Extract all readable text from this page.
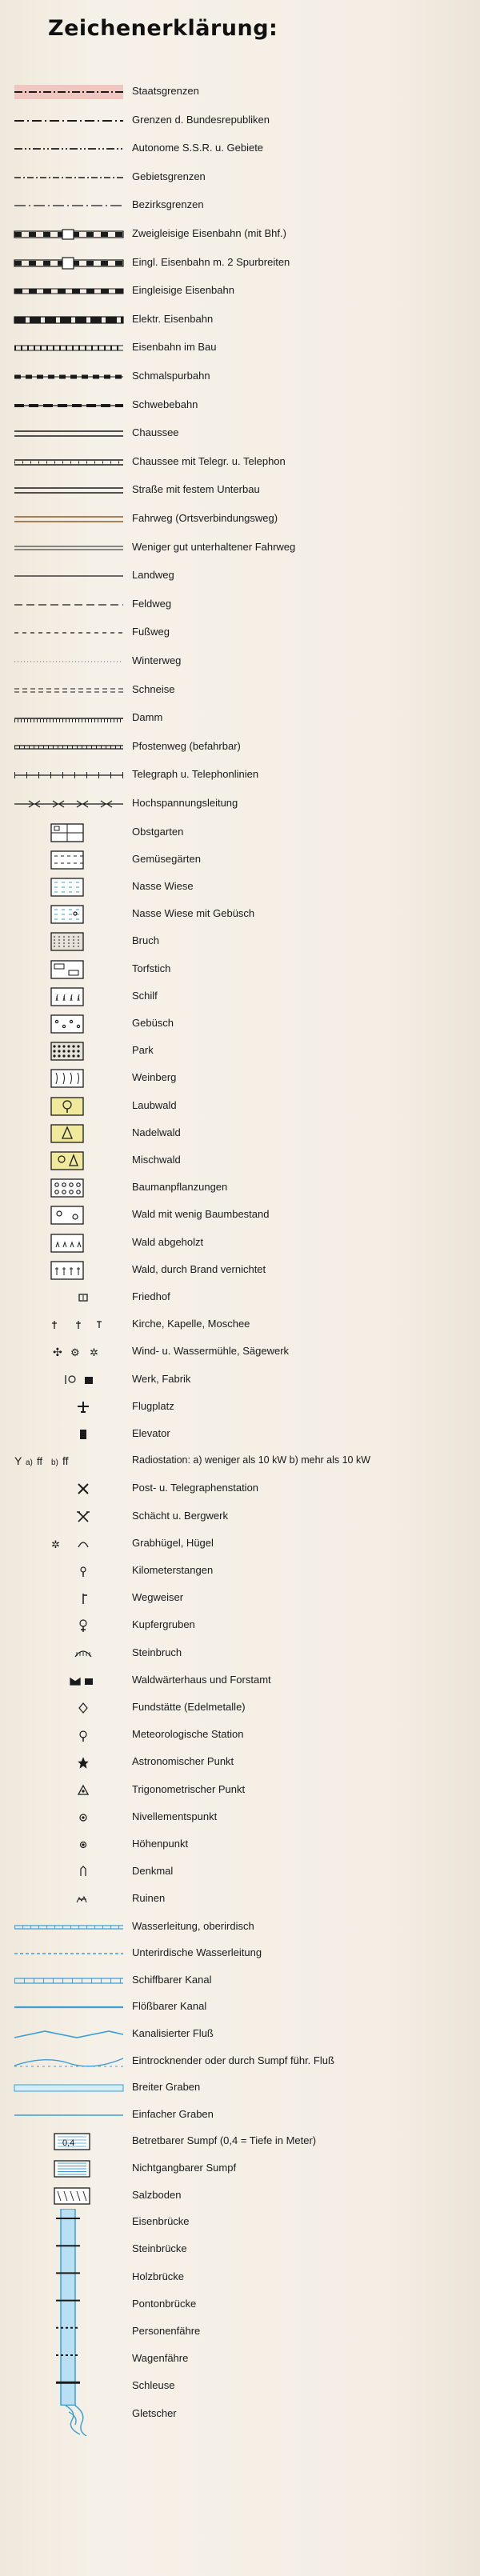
Zeichenerklärung:
Staatsgrenzen
Grenzen d. Bundesrepubliken
Autonome S.S.R. u. Gebiete
Gebietsgrenzen
Bezirksgrenzen
Zweigleisige Eisenbahn (mit Bhf.)
Eingl. Eisenbahn m. 2 Spurbreiten
Eingleisige Eisenbahn
Elektr. Eisenbahn
Eisenbahn im Bau
Schmalspurbahn
Schwebebahn
Chaussee
Chaussee mit Telegr. u. Telephon
Straße mit festem Unterbau
Fahrweg (Ortsverbindungsweg)
Weniger gut unterhaltener Fahrweg
Landweg
Feldweg
Fußweg
Winterweg
Schneise
Damm
Pfostenweg (befahrbar)
Telegraph u. Telephonlinien
Hochspannungsleitung
Obstgarten
Gemüsegärten
Nasse Wiese
Nasse Wiese mit Gebüsch
Bruch
Torfstich
Schilf
Gebüsch
Park
Weinberg
Laubwald
Nadelwald
Mischwald
Baumanpflanzungen
Wald mit wenig Baumbestand
Wald abgeholzt
Wald, durch Brand vernichtet
Friedhof
Kirche, Kapelle, Moschee
✣ ⚙ ✲	Wind- u. Wassermühle, Sägewerk
Werk, Fabrik
Flugplatz
Elevator
Y a) ff b) ff	Radiostation: a) weniger als 10 kW b) mehr als 10 kW
Post- u. Telegraphenstation
Schächt u. Bergwerk
✲	Grabhügel, Hügel
Kilometerstangen
Wegweiser
Kupfergruben
Steinbruch
Waldwärterhaus und Forstamt
Fundstätte (Edelmetalle)
Meteorologische Station
Astronomischer Punkt
Trigonometrischer Punkt
Nivellementspunkt
Höhenpunkt
Denkmal
Ruinen
Wasserleitung, oberirdisch
Unterirdische Wasserleitung
Schiffbarer Kanal
Flößbarer Kanal
Kanalisierter Fluß
Eintrocknender oder durch Sumpf führ. Fluß
Breiter Graben
Einfacher Graben
0,4	Betretbarer Sumpf (0,4 = Tiefe in Meter)
Nichtgangbarer Sumpf
Salzboden
Eisenbrücke
Steinbrücke
Holzbrücke
Pontonbrücke
Personenfähre
Wagenfähre
Schleuse
Gletscher
